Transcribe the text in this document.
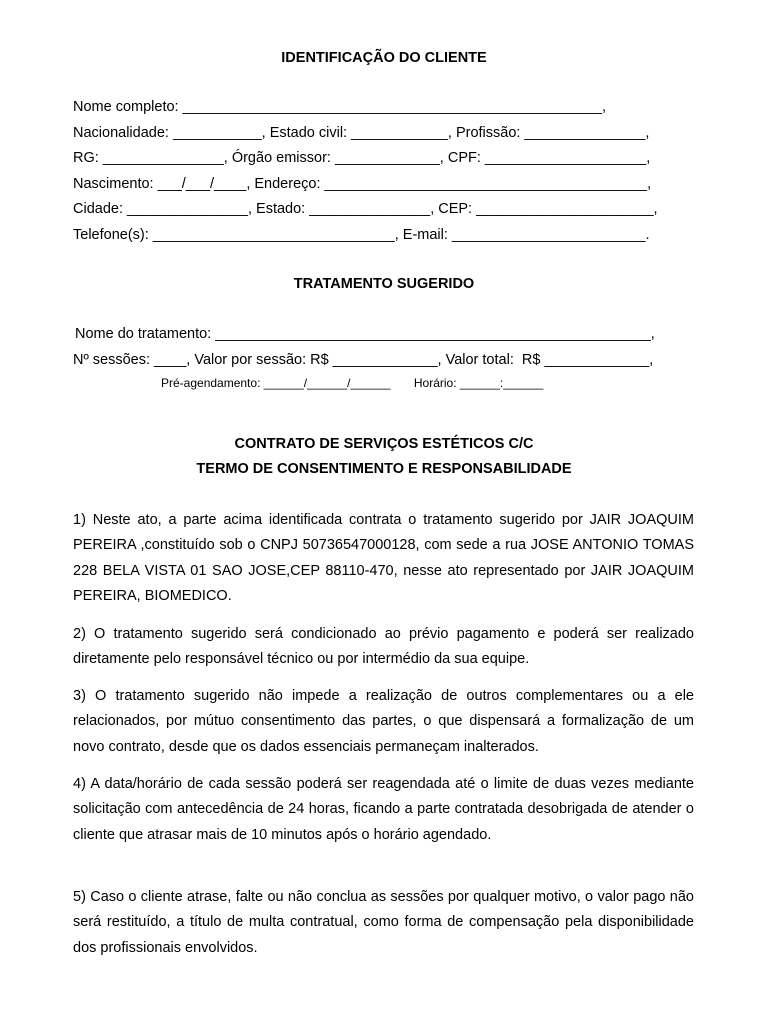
IDENTIFICAÇÃO DO CLIENTE
Nome completo: ____________________________________________________,
Nacionalidade: ___________, Estado civil: ____________, Profissão: _______________,
RG: _______________, Órgão emissor: _____________, CPF: ____________________,
Nascimento: ___/___/____, Endereço: ________________________________________,
Cidade: _______________, Estado: _______________, CEP: ______________________,
Telefone(s): ______________________________, E-mail: ________________________.
TRATAMENTO SUGERIDO
Nome do tratamento: ______________________________________________________,
Nº sessões: ____, Valor por sessão: R$ _____________, Valor total:  R$ _____________,
Pré-agendamento: ______/______/______       Horário: ______:______
CONTRATO DE SERVIÇOS ESTÉTICOS C/C
TERMO DE CONSENTIMENTO E RESPONSABILIDADE
1) Neste ato, a parte acima identificada contrata o tratamento sugerido por JAIR JOAQUIM PEREIRA ,constituído sob o CNPJ 50736547000128, com sede a rua JOSE ANTONIO TOMAS 228 BELA VISTA 01 SAO JOSE,CEP 88110-470, nesse ato representado por JAIR JOAQUIM PEREIRA, BIOMEDICO.
2) O tratamento sugerido será condicionado ao prévio pagamento e poderá ser realizado diretamente pelo responsável técnico ou por intermédio da sua equipe.
3) O tratamento sugerido não impede a realização de outros complementares ou a ele relacionados, por mútuo consentimento das partes, o que dispensará a formalização de um novo contrato, desde que os dados essenciais permaneçam inalterados.
4) A data/horário de cada sessão poderá ser reagendada até o limite de duas vezes mediante solicitação com antecedência de 24 horas, ficando a parte contratada desobrigada de atender o cliente que atrasar mais de 10 minutos após o horário agendado.
5) Caso o cliente atrase, falte ou não conclua as sessões por qualquer motivo, o valor pago não será restituído, a título de multa contratual, como forma de compensação pela disponibilidade dos profissionais envolvidos.
